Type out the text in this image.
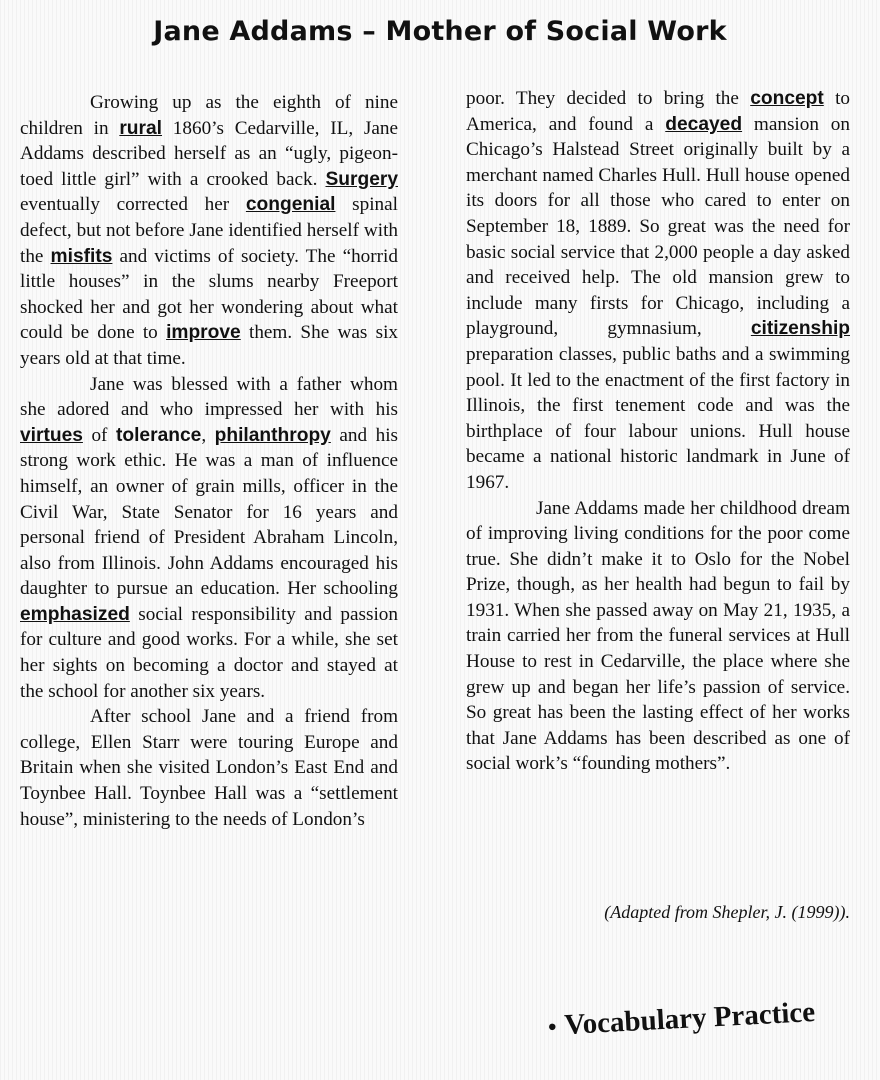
Jane Addams – Mother of Social Work

Growing up as the eighth of nine children in rural 1860’s Cedarville, IL, Jane Addams described herself as an “ugly, pigeon-toed little girl” with a crooked back. Surgery eventually corrected her congenial spinal defect, but not before Jane identified herself with the misfits and victims of society. The “horrid little houses” in the slums nearby Freeport shocked her and got her wondering about what could be done to improve them. She was six years old at that time.

Jane was blessed with a father whom she adored and who impressed her with his virtues of tolerance, philanthropy and his strong work ethic. He was a man of influence himself, an owner of grain mills, officer in the Civil War, State Senator for 16 years and personal friend of President Abraham Lincoln, also from Illinois. John Addams encouraged his daughter to pursue an education. Her schooling emphasized social responsibility and passion for culture and good works. For a while, she set her sights on becoming a doctor and stayed at the school for another six years.

After school Jane and a friend from college, Ellen Starr were touring Europe and Britain when she visited London’s East End and Toynbee Hall. Toynbee Hall was a “settlement house”, ministering to the needs of London’s

poor. They decided to bring the concept to America, and found a decayed mansion on Chicago’s Halstead Street originally built by a merchant named Charles Hull. Hull house opened its doors for all those who cared to enter on September 18, 1889. So great was the need for basic social service that 2,000 people a day asked and received help. The old mansion grew to include many firsts for Chicago, including a playground, gymnasium, citizenship preparation classes, public baths and a swimming pool. It led to the enactment of the first factory in Illinois, the first tenement code and was the birthplace of four labour unions. Hull house became a national historic landmark in June of 1967.

Jane Addams made her childhood dream of improving living conditions for the poor come true. She didn’t make it to Oslo for the Nobel Prize, though, as her health had begun to fail by 1931. When she passed away on May 21, 1935, a train carried her from the funeral services at Hull House to rest in Cedarville, the place where she grew up and began her life’s passion of service. So great has been the lasting effect of her works that Jane Addams has been described as one of social work’s “founding mothers”.

(Adapted from Shepler, J. (1999)).
• Vocabulary Practice
